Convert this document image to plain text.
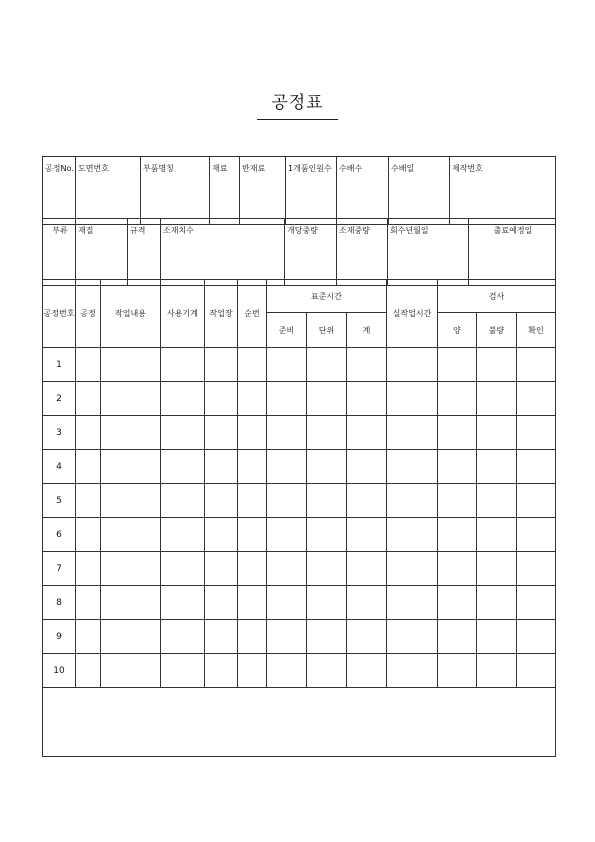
공정표
공정No.	도면번호	부품명칭	재료	반재료	1개품인원수	수배수	수배일	제작번호
부류	재질	규격	소재치수	개당중량	소재중량	회수년월일	출료예정일
공정번호	공정	작업내용	사용기계	작업장	순번	표준시간			실작업시간	검사		
						준비	단위	계		양	불량	확인
1												
2												
3												
4												
5												
6												
7												
8												
9												
10												
